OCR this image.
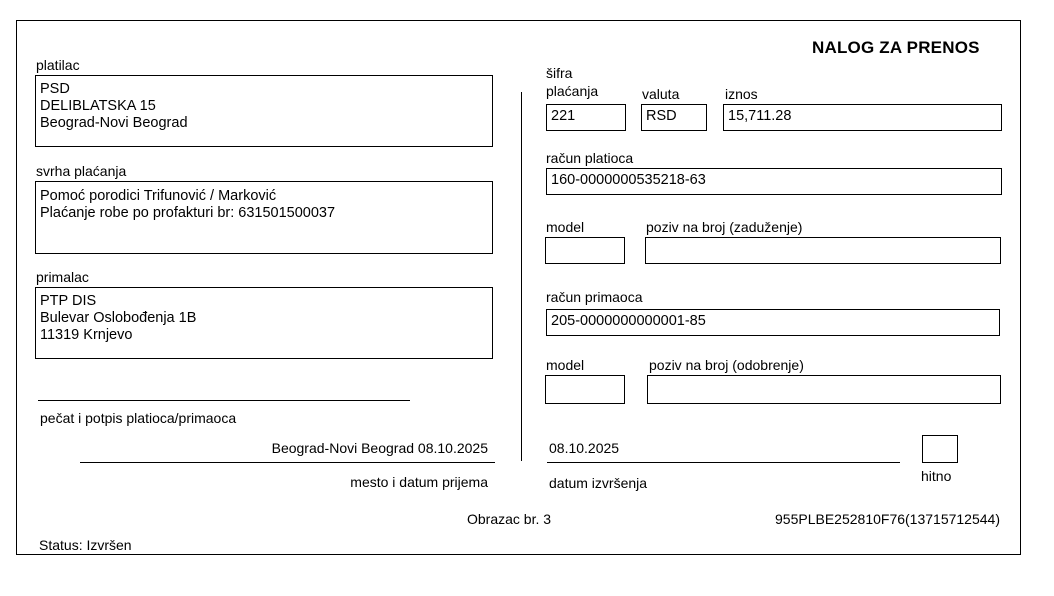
NALOG ZA PRENOS
platilac
PSD
DELIBLATSKA 15
Beograd-Novi Beograd
svrha plaćanja
Pomoć porodici Trifunović / Marković
Plaćanje robe po profakturi br: 631501500037
primalac
PTP DIS
Bulevar Oslobođenja 1B
11319 Krnjevo
pečat i potpis platioca/primaoca
Beograd-Novi Beograd 08.10.2025
mesto i datum prijema
šifra
plaćanja
221
valuta
RSD
iznos
15,711.28
račun platioca
160-0000000535218-63
model	poziv na broj (zaduženje)
račun primaoca
205-0000000000001-85
model	poziv na broj (odobrenje)
08.10.2025
datum izvršenja	hitno
Obrazac br. 3	955PLBE252810F76(13715712544)
Status: Izvršen
